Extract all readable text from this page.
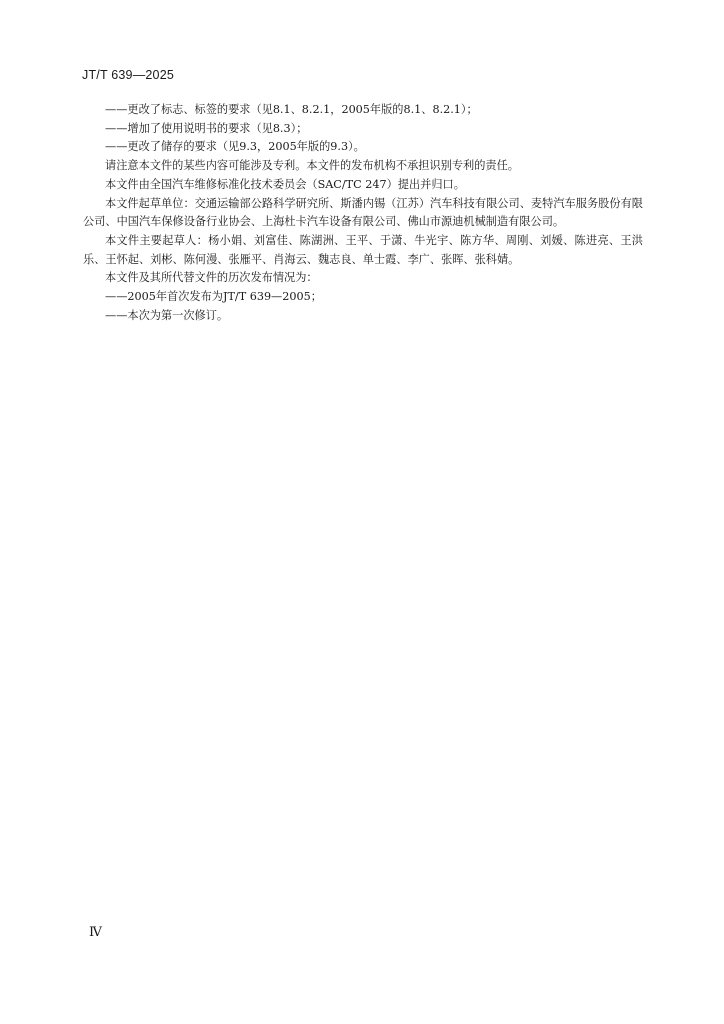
JT/T 639—2025

——更改了标志、标签的要求（见8.1、8.2.1，2005年版的8.1、8.2.1）；

——增加了使用说明书的要求（见8.3）；

——更改了储存的要求（见9.3，2005年版的9.3）。

请注意本文件的某些内容可能涉及专利。本文件的发布机构不承担识别专利的责任。

本文件由全国汽车维修标准化技术委员会（SAC/TC 247）提出并归口。

本文件起草单位：交通运输部公路科学研究所、斯潘内锡（江苏）汽车科技有限公司、麦特汽车服务股份有限公司、中国汽车保修设备行业协会、上海杜卡汽车设备有限公司、佛山市源迪机械制造有限公司。

本文件主要起草人：杨小娟、刘富佳、陈湖洲、王平、于潇、牛光宇、陈方华、周刚、刘媛、陈进亮、王洪乐、王怀起、刘彬、陈何漫、张雁平、肖海云、魏志良、单士霞、李广、张晖、张科婧。

本文件及其所代替文件的历次发布情况为：

——2005年首次发布为JT/T 639—2005；

——本次为第一次修订。

Ⅳ
